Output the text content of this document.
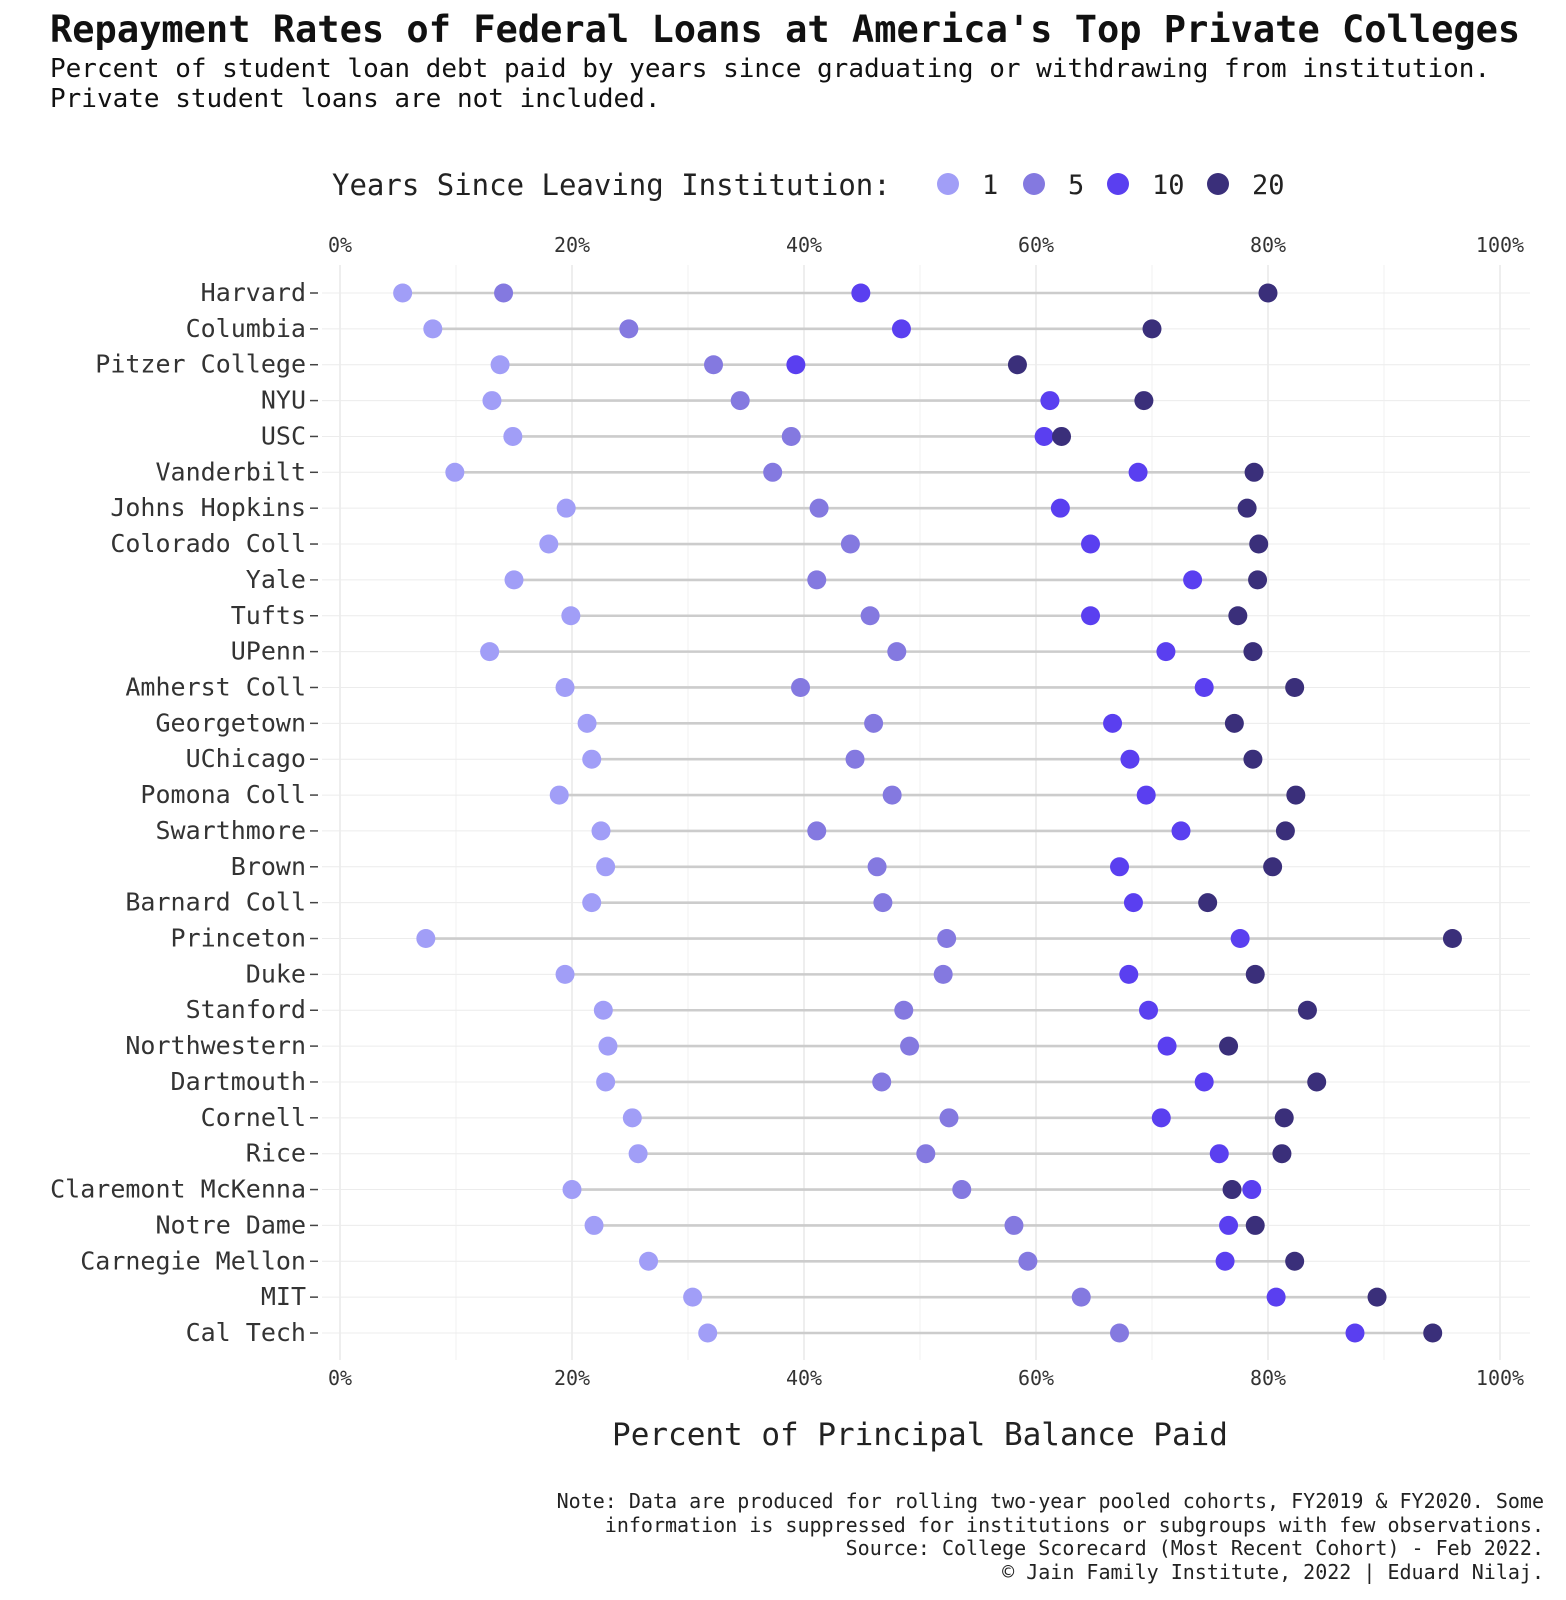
Repayment Rates of Federal Loans at America's Top Private Colleges

Percent of student loan debt paid by years since graduating or withdrawing from institution.
Private student loans are not included.

0%
0%
20%
20%
40%
40%
60%
60%
80%
80%
100%
100%
Harvard
Columbia
Pitzer College
NYU
USC
Vanderbilt
Johns Hopkins
Colorado Coll
Yale
Tufts
UPenn
Amherst Coll
Georgetown
UChicago
Pomona Coll
Swarthmore
Brown
Barnard Coll
Princeton
Duke
Stanford
Northwestern
Dartmouth
Cornell
Rice
Claremont McKenna
Notre Dame
Carnegie Mellon
MIT
Cal Tech
Percent of Principal Balance Paid
Years Since Leaving Institution:	1	5	10 20
Note: Data are produced for rolling two-year pooled cohorts, FY2019 & FY2020. Some
information is suppressed for institutions or subgroups with few observations.
Source: College Scorecard (Most Recent Cohort) - Feb 2022.
© Jain Family Institute, 2022 | Eduard Nilaj.
